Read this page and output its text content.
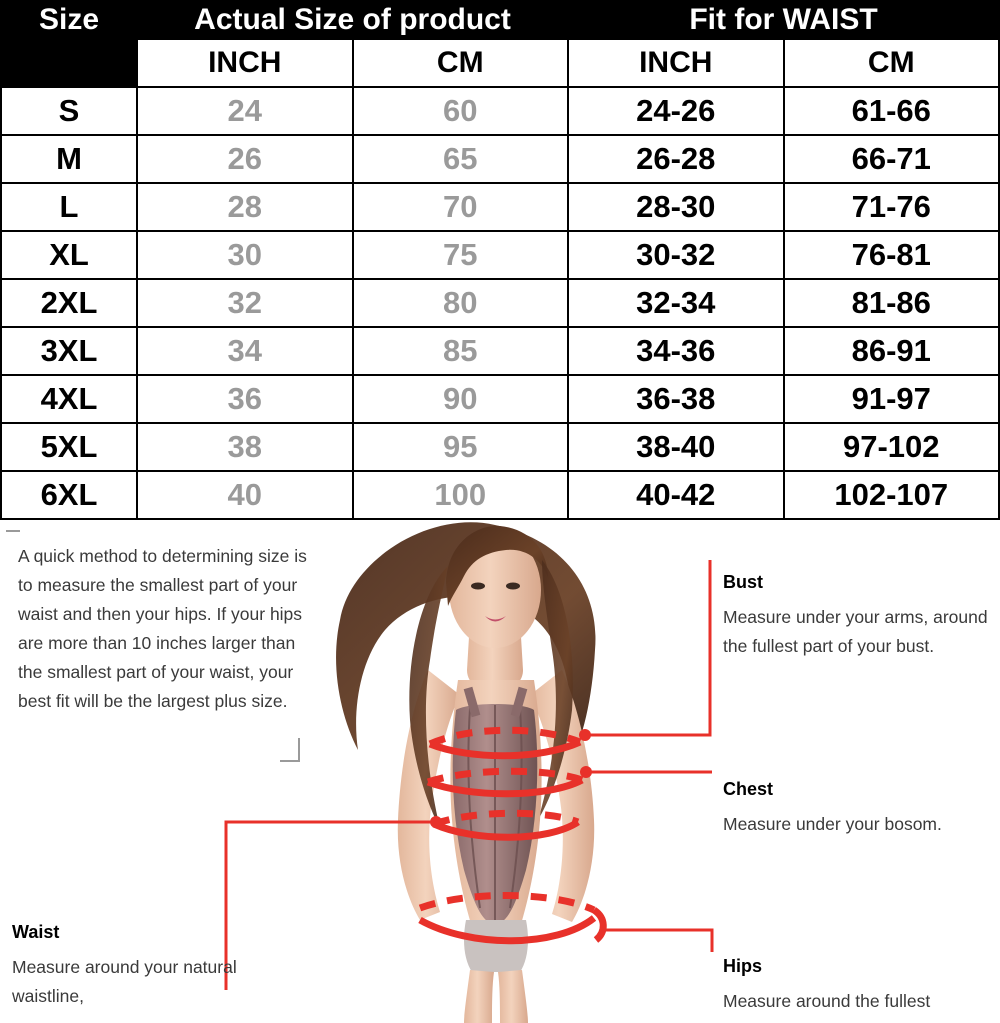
Size	Actual Size of product		Fit for WAIST	
	INCH	CM	INCH	CM
S	24	60	24-26	61-66
M	26	65	26-28	66-71
L	28	70	28-30	71-76
XL	30	75	30-32	76-81
2XL	32	80	32-34	81-86
3XL	34	85	34-36	86-91
4XL	36	90	36-38	91-97
5XL	38	95	38-40	97-102
6XL	40	100	40-42	102-107
A quick method to determining size is to measure the smallest part of your waist and then your hips. If your hips are more than 10 inches larger than the smallest part of your waist, your best fit will be the largest plus size.
Bust
Measure under your arms, around the fullest part of your bust.
Chest
Measure under your bosom.
Waist
Measure around your natural waistline,
Hips
Measure around the fullest
